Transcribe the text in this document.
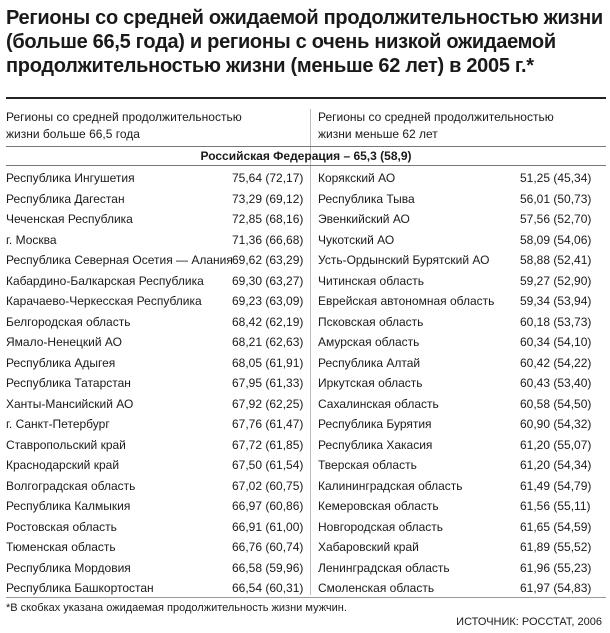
Регионы со средней ожидаемой продолжительностью жизни
(больше 66,5 года) и регионы с очень низкой ожидаемой
продолжительностью жизни (меньше 62 лет) в 2005 г.*
Регионы со средней продолжительностью
жизни больше 66,5 года
Регионы со средней продолжительностью
жизни меньше 62 лет
Российская Федерация – 65,3 (58,9)
Республика Ингушетия	75,64 (72,17) Корякский АО	51,25 (45,34)
Республика Дагестан	73,29 (69,12) Республика Тыва	56,01 (50,73)
Чеченская Республика	72,85 (68,16) Эвенкийский АО	57,56 (52,70)
г. Москва	71,36 (66,68) Чукотский АО	58,09 (54,06)
Республика Северная Осетия — Алания 69,62 (63,29) Усть-Ордынский Бурятский АО	58,88 (52,41)
Кабардино-Балкарская Республика 69,30 (63,27) Читинская область	59,27 (52,90)
Карачаево-Черкесская Республика	69,23 (63,09) Еврейская автономная область 59,34 (53,94)
Белгородская область	68,42 (62,19) Псковская область	60,18 (53,73)
Ямало-Ненецкий АО	68,21 (62,63) Амурская область	60,34 (54,10)
Республика Адыгея	68,05 (61,91) Республика Алтай	60,42 (54,22)
Республика Татарстан	67,95 (61,33) Иркутская область	60,43 (53,40)
Ханты-Мансийский АО	67,92 (62,25) Сахалинская область	60,58 (54,50)
г. Санкт-Петербург	67,76 (61,47) Республика Бурятия	60,90 (54,32)
Ставропольский край	67,72 (61,85) Республика Хакасия	61,20 (55,07)
Краснодарский край	67,50 (61,54) Тверская область	61,20 (54,34)
Волгоградская область	67,02 (60,75) Калининградская область	61,49 (54,79)
Республика Калмыкия	66,97 (60,86) Кемеровская область	61,56 (55,11)
Ростовская область	66,91 (61,00) Новгородская область	61,65 (54,59)
Тюменская область	66,76 (60,74) Хабаровский край	61,89 (55,52)
Республика Мордовия	66,58 (59,96) Ленинградская область	61,96 (55,23)
Республика Башкортостан	66,54 (60,31) Смоленская область	61,97 (54,83)
*В скобках указана ожидаемая продолжительность жизни мужчин.
ИСТОЧНИК: РОССТАТ, 2006
